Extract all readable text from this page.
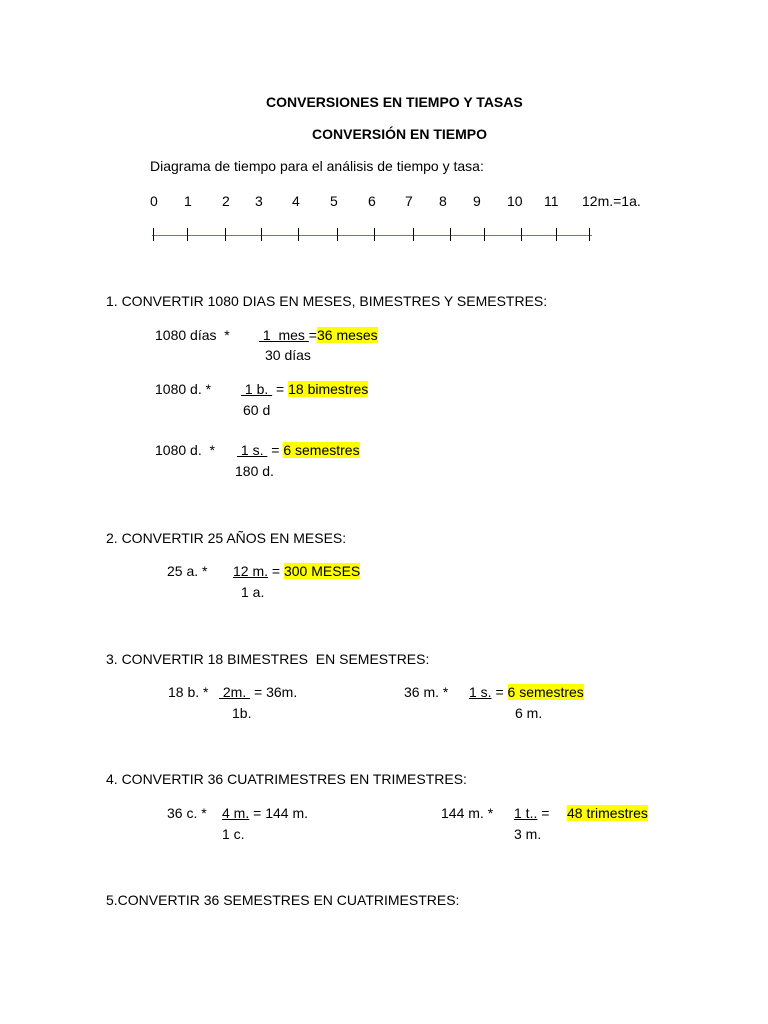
CONVERSIONES EN TIEMPO Y TASAS
CONVERSIÓN EN TIEMPO
Diagrama de tiempo para el análisis de tiempo y tasa:
0 1 2 3 4 5 6 7 8 9 10 11 12m.=1a.
1. CONVERTIR 1080 DIAS EN MESES, BIMESTRES Y SEMESTRES:
1080 días  * 1  mes =36 meses
30 días
1080 d. * 1 b.  = 18 bimestres
60 d
1080 d.  * 1 s.  = 6 semestres
180 d.
2. CONVERTIR 25 AÑOS EN MESES:
25 a. * 12 m. = 300 MESES
1 a.
3. CONVERTIR 18 BIMESTRES  EN SEMESTRES:
18 b. * 2m.  = 36m.
1b.
36 m. * 1 s. = 6 semestres
6 m.
4. CONVERTIR 36 CUATRIMESTRES EN TRIMESTRES:
36 c. * 4 m. = 144 m.
1 c.
144 m. * 1 t.. = 48 trimestres
3 m.
5.CONVERTIR 36 SEMESTRES EN CUATRIMESTRES:
